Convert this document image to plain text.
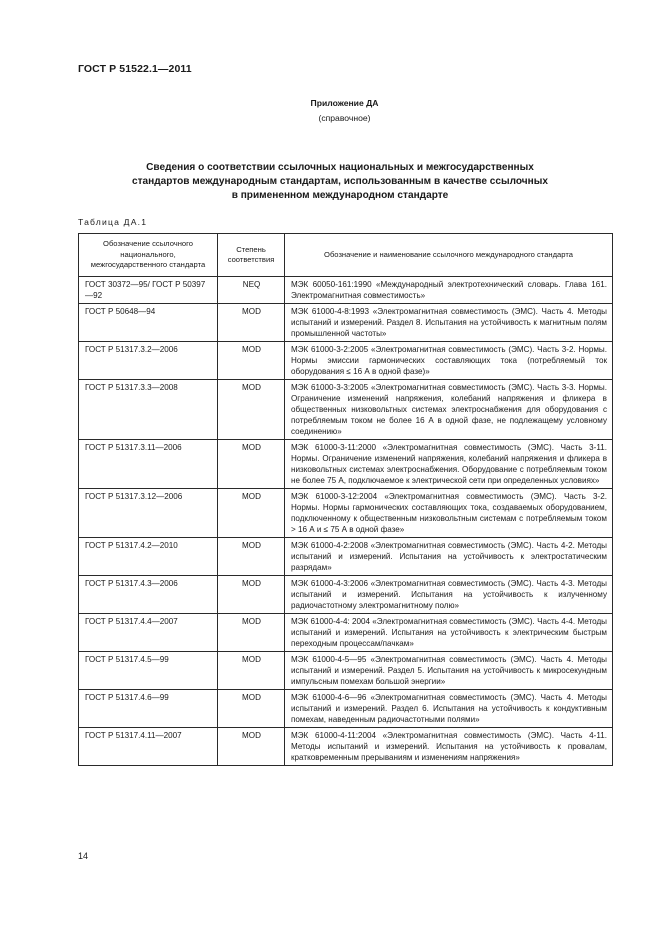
ГОСТ Р 51522.1—2011
Приложение ДА
(справочное)
Сведения о соответствии ссылочных национальных и межгосударственных
стандартов международным стандартам, использованным в качестве ссылочных
в примененном международном стандарте
Таблица ДА.1
Обозначение ссылочного национального, межгосударственного стандарта	Степень соответствия	Обозначение и наименование ссылочного международного стандарта
ГОСТ 30372—95/ ГОСТ Р 50397—92	NEQ	МЭК 60050-161:1990 «Международный электротехнический словарь. Глава 161. Электромагнитная совместимость»
ГОСТ Р 50648—94	MOD	МЭК 61000-4-8:1993 «Электромагнитная совместимость (ЭМС). Часть 4. Методы испытаний и измерений. Раздел 8. Испытания на устойчивость к магнитным полям промышленной частоты»
ГОСТ Р 51317.3.2—2006	MOD	МЭК 61000-3-2:2005 «Электромагнитная совместимость (ЭМС). Часть 3-2. Нормы. Нормы эмиссии гармонических составляющих тока (потребляемый ток оборудования ≤ 16 А в одной фазе)»
ГОСТ Р 51317.3.3—2008	MOD	МЭК 61000-3-3:2005 «Электромагнитная совместимость (ЭМС). Часть 3-3. Нормы. Ограничение изменений напряжения, колебаний напряжения и фликера в общественных низковольтных системах электроснабжения для оборудования с потребляемым током не более 16 А в одной фазе, не подлежащему условному соединению»
ГОСТ Р 51317.3.11—2006	MOD	МЭК 61000-3-11:2000 «Электромагнитная совместимость (ЭМС). Часть 3-11. Нормы. Ограничение изменений напряжения, колебаний напряжения и фликера в низковольтных системах электроснабжения. Оборудование с потребляемым током не более 75 А, подключаемое к электрической сети при определенных условиях»
ГОСТ Р 51317.3.12—2006	MOD	МЭК 61000-3-12:2004 «Электромагнитная совместимость (ЭМС). Часть 3-2. Нормы. Нормы гармонических составляющих тока, создаваемых оборудованием, подключенному к общественным низковольтным системам с потребляемым током > 16 А и ≤ 75 А в одной фазе»
ГОСТ Р 51317.4.2—2010	MOD	МЭК 61000-4-2:2008 «Электромагнитная совместимость (ЭМС). Часть 4-2. Методы испытаний и измерений. Испытания на устойчивость к электростатическим разрядам»
ГОСТ Р 51317.4.3—2006	MOD	МЭК 61000-4-3:2006 «Электромагнитная совместимость (ЭМС). Часть 4-3. Методы испытаний и измерений. Испытания на устойчивость к излученному радиочастотному электромагнитному полю»
ГОСТ Р 51317.4.4—2007	MOD	МЭК 61000-4-4: 2004 «Электромагнитная совместимость (ЭМС). Часть 4-4. Методы испытаний и измерений. Испытания на устойчивость к электрическим быстрым переходным процессам/пачкам»
ГОСТ Р 51317.4.5—99	MOD	МЭК 61000-4-5—95 «Электромагнитная совместимость (ЭМС). Часть 4. Методы испытаний и измерений. Раздел 5. Испытания на устойчивость к микросекундным импульсным помехам большой энергии»
ГОСТ Р 51317.4.6—99	MOD	МЭК 61000-4-6—96 «Электромагнитная совместимость (ЭМС). Часть 4. Методы испытаний и измерений. Раздел 6. Испытания на устойчивость к кондуктивным помехам, наведенным радиочастотными полями»
ГОСТ Р 51317.4.11—2007	MOD	МЭК 61000-4-11:2004 «Электромагнитная совместимость (ЭМС). Часть 4-11. Методы испытаний и измерений. Испытания на устойчивость к провалам, кратковременным прерываниям и изменениям напряжения»
14
